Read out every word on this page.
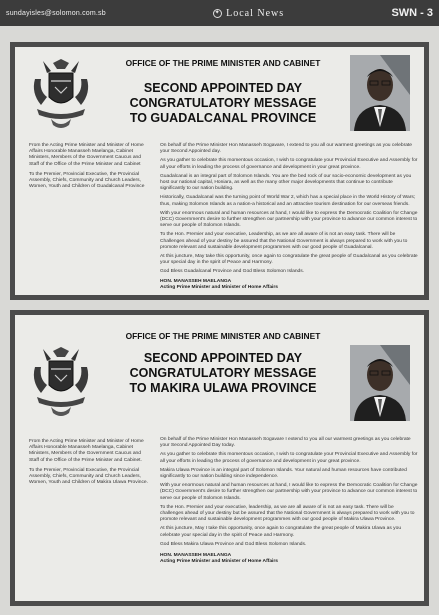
sundayisles@solomon.com.sb	✦ Local News	SWN - 3
OFFICE OF THE PRIME MINISTER AND CABINET
SECOND APPOINTED DAY
CONGRATULATORY MESSAGE
TO GUADALCANAL PROVINCE

From the Acting Prime Minister and Minister of Home Affairs Honorable Manasseh Maelanga, Cabinet Ministers, Members of the Government Caucus and Staff of the Office of the Prime Minister and Cabinet

To the Premier, Provincial Executive, the Provincial Assembly, Chiefs, Community and Church Leaders, Women, Youth and Children of Guadalcanal Province

On behalf of the Prime Minister Hon Manasseh Sogavare, I extend to you all our warmest greetings as you celebrate your Second Appointed day.

As you gather to celebrate this momentous occasion, I wish to congratulate your Provincial Executive and Assembly for all your efforts in leading the process of governance and development in your great province.

Guadalcanal is an integral part of Solomon Islands. You are the bed rock of our socio-economic development as you host our national capital, Honiara, as well as the many other major developments that continue to contribute significantly to our nation building.

Historically, Guadalcanal was the turning point of World War 2, which has a special place in the World History of Wars; thus, making Solomon Islands as a nation-a historical and an attractive tourism destination for our overseas friends.

With your enormous natural and human resources at hand, I would like to express the Democratic Coalition for Change (DCC) Government's desire to further strengthen our partnership with your province to advance our common interest to serve our people of Solomon Islands.

To the Hon. Premier and your executive, Leadership, as we are all aware of is not an easy task. There will be Challenges ahead of your destiny be assured that the National Government is always prepared to work with you to promote relevant and sustainable development programmes with our good people of Guadalcanal.

At this juncture, May take this opportunity, once again to congratulate the great people of Guadalcanal as you celebrate your special day in the spirit of Peace and Harmony.

God Bless Guadalcanal Province and God Bless Solomon Islands.

HON. MANASSEH MAELANGA

Acting Prime Minister and Minister of Home Affairs

OFFICE OF THE PRIME MINISTER AND CABINET
SECOND APPOINTED DAY
CONGRATULATORY MESSAGE
TO MAKIRA ULAWA PROVINCE

From the Acting Prime Minister and Minister of Home Affairs Honorable Manasseh Maelanga, Cabinet Ministers, Members of the Government Caucus and Staff of the Office of the Prime Minister and Cabinet.

To the Premier, Provincial Executive, the Provincial Assembly, Chiefs, Community and Church Leaders, Women, Youth and Children of Makira Ulawa Province.

On behalf of the Prime Minister Hon Manasseh Sogavare I extend to you all our warmest greetings as you celebrate your Second Appointed Day today.

As you gather to celebrate this momentous occasion, I wish to congratulate your Provincial Executive and Assembly for all your efforts in leading the process of governance and development in your great province.

Makira Ulawa Province is an integral part of Solomon Islands. Your natural and human resources have contributed significantly to our nation building since independence.

With your enormous natural and human resources at hand, I would like to express the Democratic Coalition for Change (DCC) Government's desire to further strengthen our partnership with your province to advance our common interest to serve our people of Solomon Islands.

To the Hon. Premier and your executive, leadership, as we are all aware of is not an easy task. There will be challenges ahead of your destiny but be assured that the National Government is always prepared to work with you to promote relevant and sustainable development programmes with our good people of Makira Ulawa Province.

At this juncture, May I take this opportunity, once again to congratulate the great people of Makira Ulawa as you celebrate your special day in the spirit of Peace and Harmony.

God Bless Makira Ulawa Province and God Bless Solomon Islands.

HON. MANASSEH MAELANGA

Acting Prime Minister and Minister of Home Affairs
